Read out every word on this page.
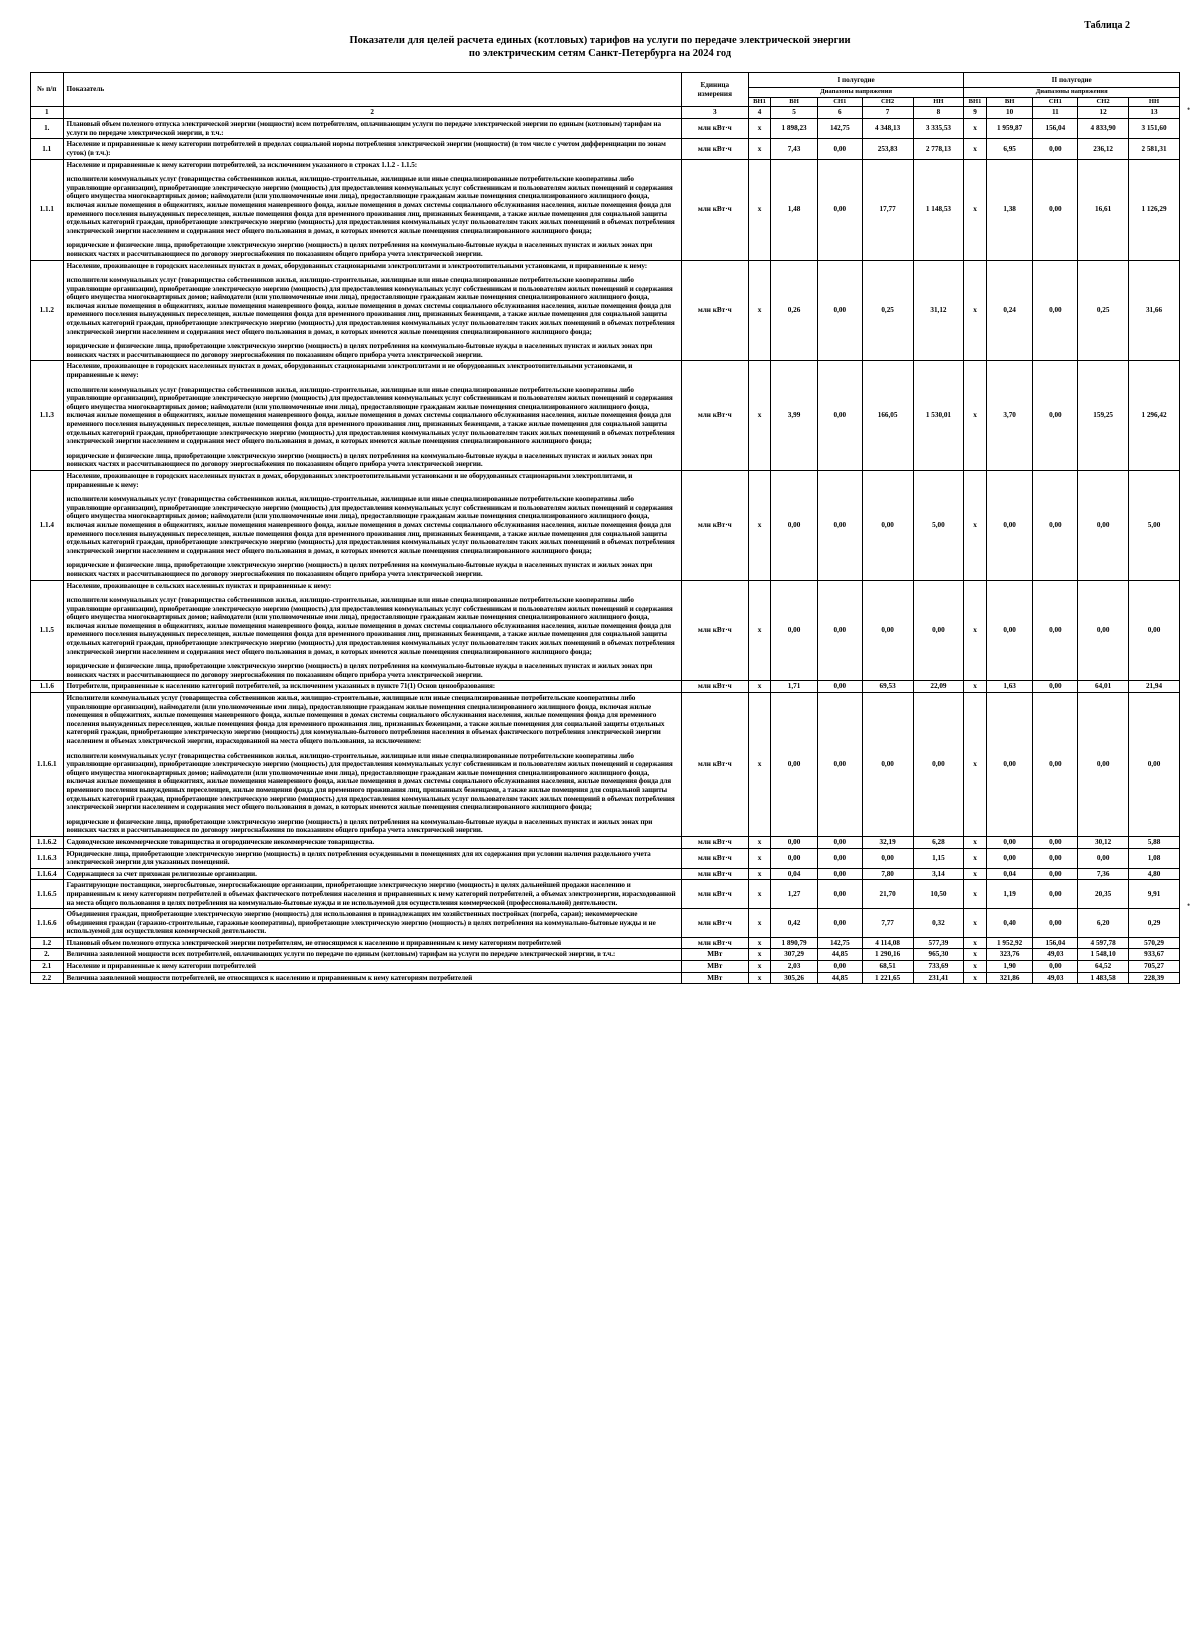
Таблица 2
Показатели для целей расчета единых (котловых) тарифов на услуги по передаче электрической энергии
по электрическим сетям Санкт-Петербурга на 2024 год
№ п/п	Показатель	Единица измерения	I полугодие					II полугодие				
			Диапазоны напряжения					Диапазоны напряжения				
			ВН1	ВН	СН1	СН2	НН	ВН1	ВН	СН1	СН2	НН
1	2	3	4	5	6	7	8	9	10	11	12	13
1.	Плановый объем полезного отпуска электрической энергии (мощности) всем потребителям, оплачивающим услуги по передаче электрической энергии по единым (котловым) тарифам на услуги по передаче электрической энергии, в т.ч.:	млн кВт·ч	x	1 898,23	142,75	4 348,13	3 335,53	x	1 959,87	156,04	4 833,90	3 151,60
1.1	Население и приравненные к нему категории потребителей в пределах социальной нормы потребления электрической энергии (мощности) (в том числе с учетом дифференциации по зонам суток) (в т.ч.):	млн кВт·ч	x	7,43	0,00	253,83	2 778,13	x	6,95	0,00	236,12	2 581,31
1.1.1	Население и приравненные к нему категории потребителей, за исключением указанного в строках 1.1.2 - 1.1.5:

исполнители коммунальных услуг (товарищества собственников жилья, жилищно-строительные, жилищные или иные специализированные потребительские кооперативы либо управляющие организации), приобретающие электрическую энергию (мощность) для предоставления коммунальных услуг собственникам и пользователям жилых помещений и содержания общего имущества многоквартирных домов; наймодатели (или уполномоченные ими лица), предоставляющие гражданам жилые помещения специализированного жилищного фонда, включая жилые помещения в общежитиях, жилые помещения маневренного фонда, жилые помещения в домах системы социального обслуживания населения, жилые помещения фонда для временного поселения вынужденных переселенцев, жилые помещения фонда для временного проживания лиц, признанных беженцами, а также жилые помещения для социальной защиты отдельных категорий граждан, приобретающие электрическую энергию (мощность) для предоставления коммунальных услуг пользователям таких жилых помещений в объемах потребления электрической энергии населением и содержания мест общего пользования в домах, в которых имеются жилые помещения специализированного жилищного фонда;

юридические и физические лица, приобретающие электрическую энергию (мощность) в целях потребления на коммунально-бытовые нужды в населенных пунктах и жилых зонах при воинских частях и рассчитывающиеся по договору энергоснабжения по показаниям общего прибора учета электрической энергии.	млн кВт·ч	x	1,48	0,00	17,77	1 148,53	x	1,38	0,00	16,61	1 126,29
1.1.2	Население, проживающее в городских населенных пунктах в домах, оборудованных стационарными электроплитами и электроотопительными установками, и приравненные к нему:

исполнители коммунальных услуг (товарищества собственников жилья, жилищно-строительные, жилищные или иные специализированные потребительские кооперативы либо управляющие организации), приобретающие электрическую энергию (мощность) для предоставления коммунальных услуг собственникам и пользователям жилых помещений и содержания общего имущества многоквартирных домов; наймодатели (или уполномоченные ими лица), предоставляющие гражданам жилые помещения специализированного жилищного фонда, включая жилые помещения в общежитиях, жилые помещения маневренного фонда, жилые помещения в домах системы социального обслуживания населения, жилые помещения фонда для временного поселения вынужденных переселенцев, жилые помещения фонда для временного проживания лиц, признанных беженцами, а также жилые помещения для социальной защиты отдельных категорий граждан, приобретающие электрическую энергию (мощность) для предоставления коммунальных услуг пользователям таких жилых помещений в объемах потребления электрической энергии населением и содержания мест общего пользования в домах, в которых имеются жилые помещения специализированного жилищного фонда;

юридические и физические лица, приобретающие электрическую энергию (мощность) в целях потребления на коммунально-бытовые нужды в населенных пунктах и жилых зонах при воинских частях и рассчитывающиеся по договору энергоснабжения по показаниям общего прибора учета электрической энергии.	млн кВт·ч	x	0,26	0,00	0,25	31,12	x	0,24	0,00	0,25	31,66
1.1.3	Население, проживающее в городских населенных пунктах в домах, оборудованных стационарными электроплитами и не оборудованных электроотопительными установками, и приравненные к нему:

исполнители коммунальных услуг (товарищества собственников жилья, жилищно-строительные, жилищные или иные специализированные потребительские кооперативы либо управляющие организации), приобретающие электрическую энергию (мощность) для предоставления коммунальных услуг собственникам и пользователям жилых помещений и содержания общего имущества многоквартирных домов; наймодатели (или уполномоченные ими лица), предоставляющие гражданам жилые помещения специализированного жилищного фонда, включая жилые помещения в общежитиях, жилые помещения маневренного фонда, жилые помещения в домах системы социального обслуживания населения, жилые помещения фонда для временного поселения вынужденных переселенцев, жилые помещения фонда для временного проживания лиц, признанных беженцами, а также жилые помещения для социальной защиты отдельных категорий граждан, приобретающие электрическую энергию (мощность) для предоставления коммунальных услуг пользователям таких жилых помещений в объемах потребления электрической энергии населением и содержания мест общего пользования в домах, в которых имеются жилые помещения специализированного жилищного фонда;

юридические и физические лица, приобретающие электрическую энергию (мощность) в целях потребления на коммунально-бытовые нужды в населенных пунктах и жилых зонах при воинских частях и рассчитывающиеся по договору энергоснабжения по показаниям общего прибора учета электрической энергии.	млн кВт·ч	x	3,99	0,00	166,05	1 530,01	x	3,70	0,00	159,25	1 296,42
1.1.4	Население, проживающее в городских населенных пунктах в домах, оборудованных электроотопительными установками и не оборудованных стационарными электроплитами, и приравненные к нему:

исполнители коммунальных услуг (товарищества собственников жилья, жилищно-строительные, жилищные или иные специализированные потребительские кооперативы либо управляющие организации), приобретающие электрическую энергию (мощность) для предоставления коммунальных услуг собственникам и пользователям жилых помещений и содержания общего имущества многоквартирных домов; наймодатели (или уполномоченные ими лица), предоставляющие гражданам жилые помещения специализированного жилищного фонда, включая жилые помещения в общежитиях, жилые помещения маневренного фонда, жилые помещения в домах системы социального обслуживания населения, жилые помещения фонда для временного поселения вынужденных переселенцев, жилые помещения фонда для временного проживания лиц, признанных беженцами, а также жилые помещения для социальной защиты отдельных категорий граждан, приобретающие электрическую энергию (мощность) для предоставления коммунальных услуг пользователям таких жилых помещений в объемах потребления электрической энергии населением и содержания мест общего пользования в домах, в которых имеются жилые помещения специализированного жилищного фонда;

юридические и физические лица, приобретающие электрическую энергию (мощность) в целях потребления на коммунально-бытовые нужды в населенных пунктах и жилых зонах при воинских частях и рассчитывающиеся по договору энергоснабжения по показаниям общего прибора учета электрической энергии.	млн кВт·ч	x	0,00	0,00	0,00	5,00	x	0,00	0,00	0,00	5,00
1.1.5	Население, проживающее в сельских населенных пунктах и приравненные к нему:

исполнители коммунальных услуг (товарищества собственников жилья, жилищно-строительные, жилищные или иные специализированные потребительские кооперативы либо управляющие организации), приобретающие электрическую энергию (мощность) для предоставления коммунальных услуг собственникам и пользователям жилых помещений и содержания общего имущества многоквартирных домов; наймодатели (или уполномоченные ими лица), предоставляющие гражданам жилые помещения специализированного жилищного фонда, включая жилые помещения в общежитиях, жилые помещения маневренного фонда, жилые помещения в домах системы социального обслуживания населения, жилые помещения фонда для временного поселения вынужденных переселенцев, жилые помещения фонда для временного проживания лиц, признанных беженцами, а также жилые помещения для социальной защиты отдельных категорий граждан, приобретающие электрическую энергию (мощность) для предоставления коммунальных услуг пользователям таких жилых помещений в объемах потребления электрической энергии населением и содержания мест общего пользования в домах, в которых имеются жилые помещения специализированного жилищного фонда;

юридические и физические лица, приобретающие электрическую энергию (мощность) в целях потребления на коммунально-бытовые нужды в населенных пунктах и жилых зонах при воинских частях и рассчитывающиеся по договору энергоснабжения по показаниям общего прибора учета электрической энергии.	млн кВт·ч	x	0,00	0,00	0,00	0,00	x	0,00	0,00	0,00	0,00
1.1.6	Потребители, приравненные к населению категорий потребителей, за исключением указанных в пункте 71(1) Основ ценообразования:	млн кВт·ч	x	1,71	0,00	69,53	22,09	x	1,63	0,00	64,01	21,94
1.1.6.1	Исполнители коммунальных услуг (товарищества собственников жилья, жилищно-строительные, жилищные или иные специализированные потребительские кооперативы либо управляющие организации), наймодатели (или уполномоченные ими лица), предоставляющие гражданам жилые помещения специализированного жилищного фонда, включая жилые помещения в общежитиях, жилые помещения маневренного фонда, жилые помещения в домах системы социального обслуживания населения, жилые помещения фонда для временного поселения вынужденных переселенцев, жилые помещения фонда для временного проживания лиц, признанных беженцами, а также жилые помещения для социальной защиты отдельных категорий граждан, приобретающие электрическую энергию (мощность) для коммунально-бытового потребления населения в объемах фактического потребления электрической энергии населением и объемах электрической энергии, израсходованной на места общего пользования, за исключением:

исполнители коммунальных услуг (товарищества собственников жилья, жилищно-строительные, жилищные или иные специализированные потребительские кооперативы либо управляющие организации), приобретающие электрическую энергию (мощность) для предоставления коммунальных услуг собственникам и пользователям жилых помещений и содержания общего имущества многоквартирных домов; наймодатели (или уполномоченные ими лица), предоставляющие гражданам жилые помещения специализированного жилищного фонда, включая жилые помещения в общежитиях, жилые помещения маневренного фонда, жилые помещения в домах системы социального обслуживания населения, жилые помещения фонда для временного поселения вынужденных переселенцев, жилые помещения фонда для временного проживания лиц, признанных беженцами, а также жилые помещения для социальной защиты отдельных категорий граждан, приобретающие электрическую энергию (мощность) для предоставления коммунальных услуг пользователям таких жилых помещений в объемах потребления электрической энергии населением и содержания мест общего пользования в домах, в которых имеются жилые помещения специализированного жилищного фонда;

юридические и физические лица, приобретающие электрическую энергию (мощность) в целях потребления на коммунально-бытовые нужды в населенных пунктах и жилых зонах при воинских частях и рассчитывающиеся по договору энергоснабжения по показаниям общего прибора учета электрической энергии.	млн кВт·ч	x	0,00	0,00	0,00	0,00	x	0,00	0,00	0,00	0,00
1.1.6.2	Садоводческие некоммерческие товарищества и огороднические некоммерческие товарищества.	млн кВт·ч	x	0,00	0,00	32,19	6,28	x	0,00	0,00	30,12	5,88
1.1.6.3	Юридические лица, приобретающие электрическую энергию (мощность) в целях потребления осужденными в помещениях для их содержания при условии наличия раздельного учета электрической энергии для указанных помещений.	млн кВт·ч	x	0,00	0,00	0,00	1,15	x	0,00	0,00	0,00	1,08
1.1.6.4	Содержащиеся за счет прихожан религиозные организации.	млн кВт·ч	x	0,04	0,00	7,80	3,14	x	0,04	0,00	7,36	4,80
1.1.6.5	Гарантирующие поставщики, энергосбытовые, энергоснабжающие организации, приобретающие электрическую энергию (мощность) в целях дальнейшей продажи населению и приравненным к нему категориям потребителей в объемах фактического потребления населения и приравненных к нему категорий потребителей, а объемах электроэнергии, израсходованной на места общего пользования в целях потребления на коммунально-бытовые нужды и не используемой для осуществления коммерческой (профессиональной) деятельности.	млн кВт·ч	x	1,27	0,00	21,70	10,50	x	1,19	0,00	20,35	9,91
1.1.6.6	Объединения граждан, приобретающие электрическую энергию (мощность) для использования в принадлежащих им хозяйственных постройках (погреба, сараи); некоммерческие объединения граждан (гаражно-строительные, гаражные кооперативы), приобретающие электрическую энергию (мощность) в целях потребления на коммунально-бытовые нужды и не используемой для осуществления коммерческой деятельности.	млн кВт·ч	x	0,42	0,00	7,77	0,32	x	0,40	0,00	6,20	0,29
1.2	Плановый объем полезного отпуска электрической энергии потребителям, не относящимся к населению и приравненным к нему категориям потребителей	млн кВт·ч	x	1 890,79	142,75	4 114,08	577,39	x	1 952,92	156,04	4 597,78	570,29
2.	Величина заявленной мощности всех потребителей, оплачивающих услуги по передаче по единым (котловым) тарифам на услуги по передаче электрической энергии, в т.ч.:	МВт	x	307,29	44,85	1 290,16	965,30	x	323,76	49,03	1 548,10	933,67
2.1	Население и приравненные к нему категории потребителей	МВт	x	2,03	0,00	68,51	733,69	x	1,90	0,00	64,52	705,27
2.2	Величина заявленной мощности потребителей, не относящихся к населению и приравненным к нему категориям потребителей	МВт	x	305,26	44,85	1 221,65	231,41	x	321,86	49,03	1 483,58	228,39
•
•
